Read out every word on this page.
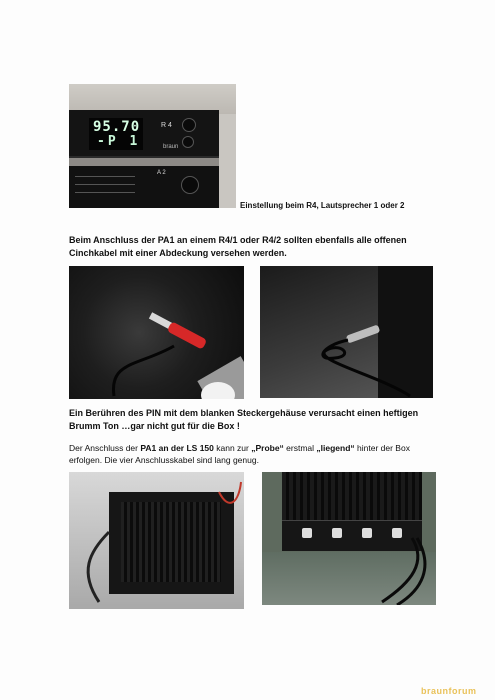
95.70
-P 1
R 4
braun
A 2
Einstellung beim R4, Lautsprecher 1 oder 2
Beim Anschluss der PA1 an einem R4/1 oder R4/2 sollten ebenfalls alle offenen Cinchkabel mit einer Abdeckung versehen werden.
Ein Berühren des PIN mit dem blanken Steckergehäuse verursacht einen heftigen Brumm Ton …gar nicht gut für die Box !
Der Anschluss der PA1 an der LS 150 kann zur „Probe“ erstmal „liegend“ hinter der Box erfolgen. Die vier Anschlusskabel sind lang genug.
braunforum
